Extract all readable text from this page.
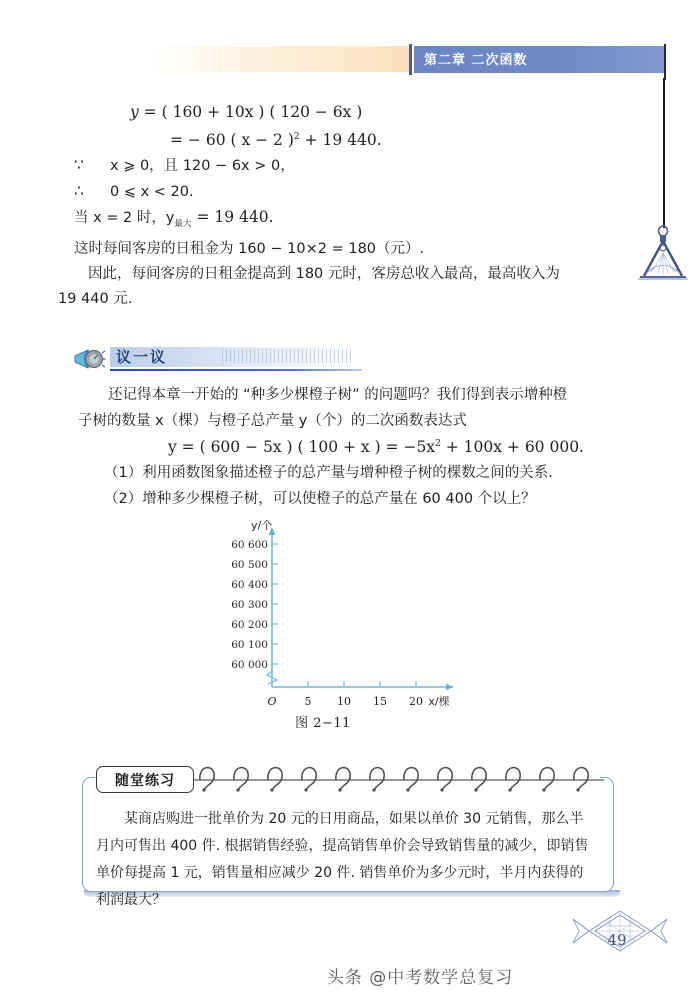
第二章 二次函数
y = ( 160 + 10x ) ( 120 − 6x )
= − 60 ( x − 2 )$^2$ + 19 440.
∵ x ⩾ 0，且 120 − 6x > 0，
∴ 0 ⩽ x < 20.
当 x = 2 时，$y_{最大} = 19$ 440.
这时每间客房的日租金为 160 − 10×2 = 180（元）.
因此，每间客房的日租金提高到 180 元时，客房总收入最高，最高收入为
19 440 元.
议一议
还记得本章一开始的 “种多少棵橙子树” 的问题吗？我们得到表示增种橙
子树的数量 x（棵）与橙子总产量 y（个）的二次函数表达式
y = ( 600 − 5x ) ( 100 + x ) = $-5x^2 + 100x + 60$ 000.
（1）利用函数图象描述橙子的总产量与增种橙子树的棵数之间的关系.
（2）增种多少棵橙子树，可以使橙子的总产量在 60 400 个以上？
60 600
60 500
60 400
60 300
60 200
60 100
60 000
O	5 10 15 20
y/个
x/棵
图 2−11
随堂练习
某商店购进一批单价为 20 元的日用商品，如果以单价 30 元销售，那么半月内可售出 400 件. 根据销售经验，提高销售单价会导致销售量的减少，即销售单价每提高 1 元，销售量相应减少 20 件. 销售单价为多少元时，半月内获得的利润最大？
49
头条 @中考数学总复习
